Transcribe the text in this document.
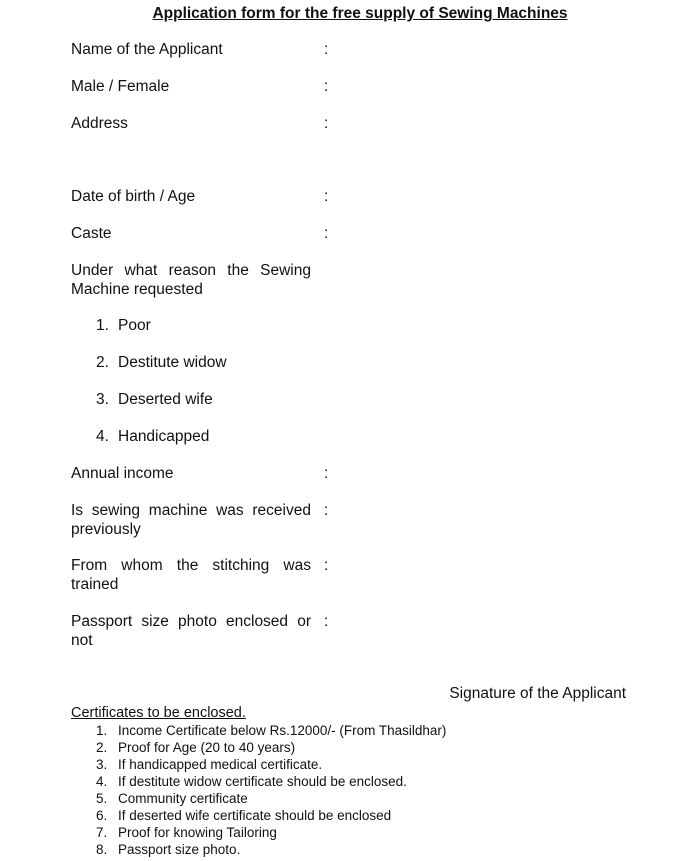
Application form for the free supply of Sewing Machines
Name of the Applicant	:
Male / Female	:
Address	:
Date of birth / Age	:
Caste	:
Under what reason the Sewing Machine requested
1. Poor
2. Destitute widow
3. Deserted wife
4. Handicapped
Annual income	:
Is sewing machine was received previously
:
From whom the stitching was trained
:
Passport size photo enclosed or not
:
Signature of the Applicant
Certificates to be enclosed.
1. Income Certificate below Rs.12000/- (From Thasildhar)
2. Proof for Age (20 to 40 years)
3. If handicapped medical certificate.
4. If destitute widow certificate should be enclosed.
5. Community certificate
6. If deserted wife certificate should be enclosed
7. Proof for knowing Tailoring
8. Passport size photo.
